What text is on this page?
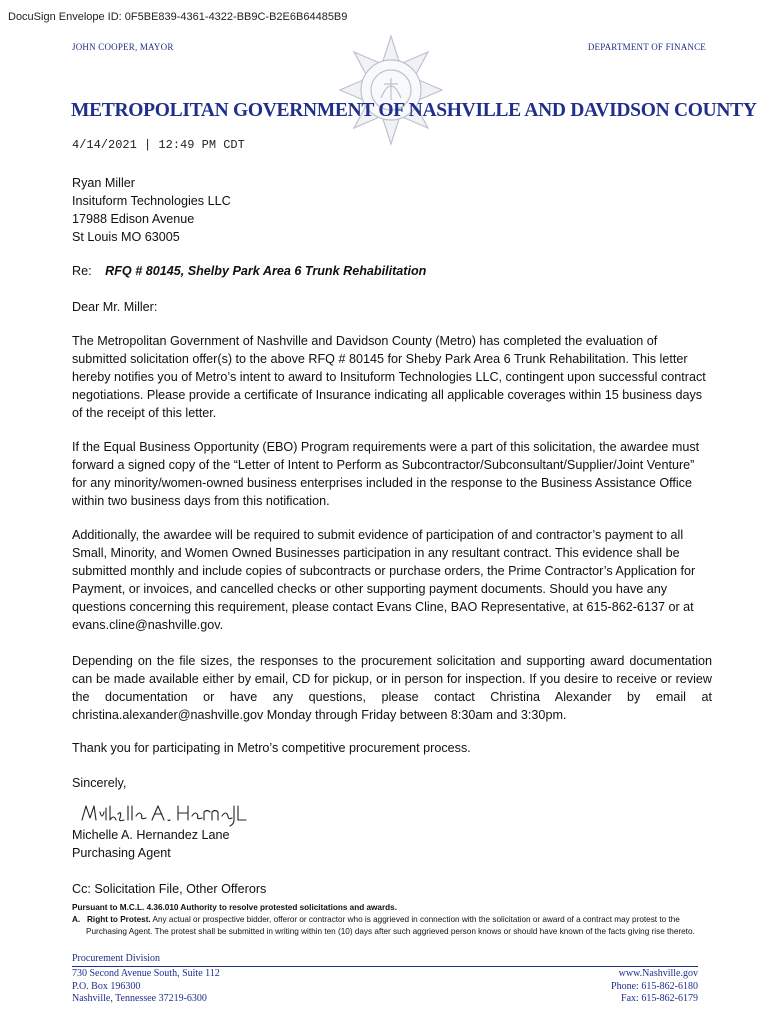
DocuSign Envelope ID: 0F5BE839-4361-4322-BB9C-B2E6B64485B9
JOHN COOPER, MAYOR	DEPARTMENT OF FINANCE
METROPOLITAN GOVERNMENT OF NASHVILLE AND DAVIDSON COUNTY
4/14/2021 | 12:49 PM CDT
Ryan Miller
Insituform Technologies LLC
17988 Edison Avenue
St Louis MO 63005
Re: RFQ # 80145, Shelby Park Area 6 Trunk Rehabilitation
Dear Mr. Miller:
The Metropolitan Government of Nashville and Davidson County (Metro) has completed the evaluation of submitted solicitation offer(s) to the above RFQ # 80145 for Sheby Park Area 6 Trunk Rehabilitation. This letter hereby notifies you of Metro’s intent to award to Insituform Technologies LLC, contingent upon successful contract negotiations. Please provide a certificate of Insurance indicating all applicable coverages within 15 business days of the receipt of this letter.
If the Equal Business Opportunity (EBO) Program requirements were a part of this solicitation, the awardee must forward a signed copy of the “Letter of Intent to Perform as Subcontractor/Subconsultant/Supplier/Joint Venture” for any minority/women-owned business enterprises included in the response to the Business Assistance Office within two business days from this notification.
Additionally, the awardee will be required to submit evidence of participation of and contractor’s payment to all Small, Minority, and Women Owned Businesses participation in any resultant contract. This evidence shall be submitted monthly and include copies of subcontracts or purchase orders, the Prime Contractor’s Application for Payment, or invoices, and cancelled checks or other supporting payment documents. Should you have any questions concerning this requirement, please contact Evans Cline, BAO Representative, at 615-862-6137 or at evans.cline@nashville.gov.
Depending on the file sizes, the responses to the procurement solicitation and supporting award documentation can be made available either by email, CD for pickup, or in person for inspection. If you desire to receive or review the documentation or have any questions, please contact Christina Alexander by email at christina.alexander@nashville.gov Monday through Friday between 8:30am and 3:30pm.
Thank you for participating in Metro’s competitive procurement process.
Sincerely,
Michelle A. Hernandez Lane
Purchasing Agent
Cc: Solicitation File, Other Offerors
Pursuant to M.C.L. 4.36.010 Authority to resolve protested solicitations and awards.
A. Right to Protest. Any actual or prospective bidder, offeror or contractor who is aggrieved in connection with the solicitation or award of a contract may protest to the Purchasing Agent. The protest shall be submitted in writing within ten (10) days after such aggrieved person knows or should have known of the facts giving rise thereto.
Procurement Division
730 Second Avenue South, Suite 112
P.O. Box 196300
Nashville, Tennessee 37219-6300
www.Nashville.gov
Phone: 615-862-6180
Fax: 615-862-6179
